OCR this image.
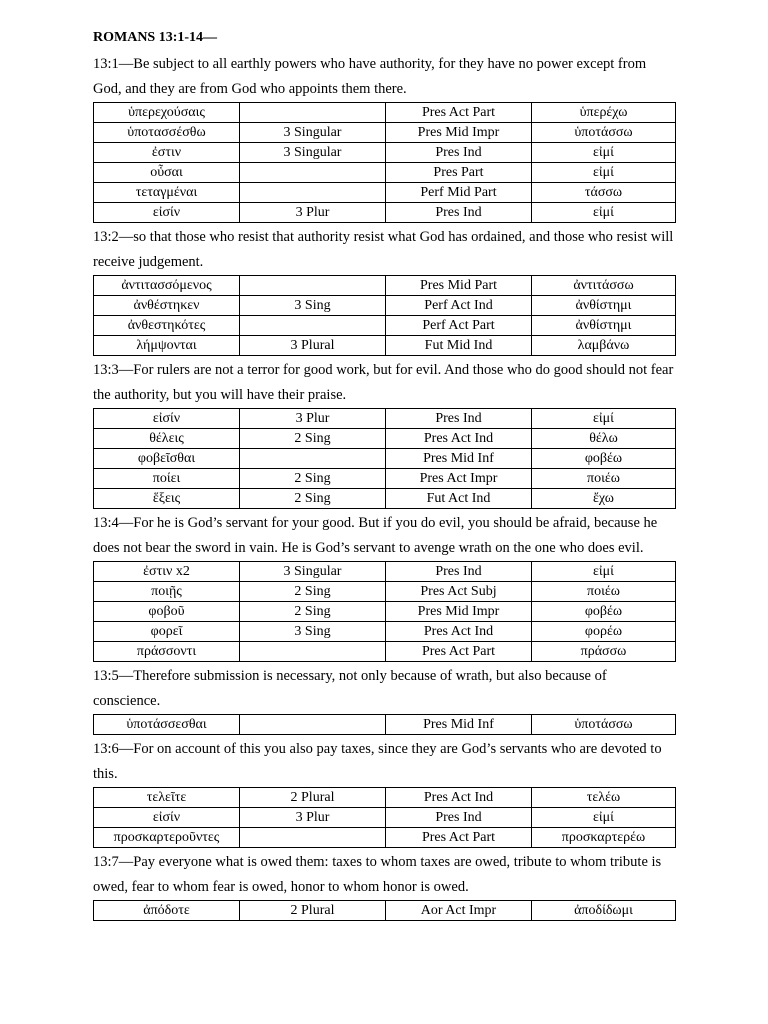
ROMANS 13:1-14—

13:1—Be subject to all earthly powers who have authority, for they have no power except from God, and they are from God who appoints them there.

ὑπερεχούσαις		Pres Act Part	ὑπερέχω
ὑποτασσέσθω	3 Singular	Pres Mid Impr	ὑποτάσσω
ἐστιν	3 Singular	Pres Ind	εἰμί
οὖσαι		Pres Part	εἰμί
τεταγμέναι		Perf Mid Part	τάσσω
εἰσίν	3 Plur	Pres Ind	εἰμί

13:2—so that those who resist that authority resist what God has ordained, and those who resist will receive judgement.

ἀντιτασσόμενος		Pres Mid Part	ἀντιτάσσω
ἀνθέστηκεν	3 Sing	Perf Act Ind	ἀνθίστημι
ἀνθεστηκότες		Perf Act Part	ἀνθίστημι
λήμψονται	3 Plural	Fut Mid Ind	λαμβάνω

13:3—For rulers are not a terror for good work, but for evil. And those who do good should not fear the authority, but you will have their praise.

εἰσίν	3 Plur	Pres Ind	εἰμί
θέλεις	2 Sing	Pres Act Ind	θέλω
φοβεῖσθαι		Pres Mid Inf	φοβέω
ποίει	2 Sing	Pres Act Impr	ποιέω
ἕξεις	2 Sing	Fut Act Ind	ἔχω

13:4—For he is God’s servant for your good. But if you do evil, you should be afraid, because he does not bear the sword in vain. He is God’s servant to avenge wrath on the one who does evil.

ἐστιν x2	3 Singular	Pres Ind	εἰμί
ποιῇς	2 Sing	Pres Act Subj	ποιέω
φοβοῦ	2 Sing	Pres Mid Impr	φοβέω
φορεῖ	3 Sing	Pres Act Ind	φορέω
πράσσοντι		Pres Act Part	πράσσω

13:5—Therefore submission is necessary, not only because of wrath, but also because of conscience.

ὑποτάσσεσθαι		Pres Mid Inf	ὑποτάσσω

13:6—For on account of this you also pay taxes, since they are God’s servants who are devoted to this.

τελεῖτε	2 Plural	Pres Act Ind	τελέω
εἰσίν	3 Plur	Pres Ind	εἰμί
προσκαρτεροῦντες		Pres Act Part	προσκαρτερέω

13:7—Pay everyone what is owed them: taxes to whom taxes are owed, tribute to whom tribute is owed, fear to whom fear is owed, honor to whom honor is owed.

ἀπόδοτε	2 Plural	Aor Act Impr	ἀποδίδωμι
